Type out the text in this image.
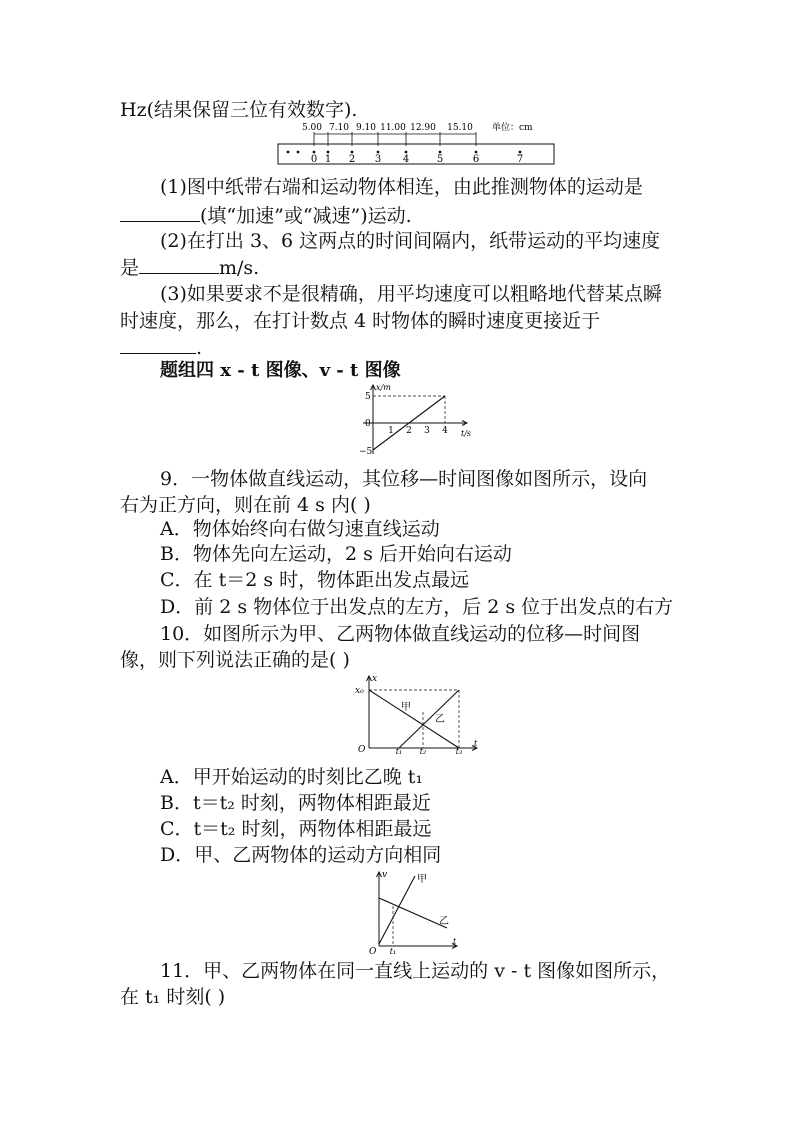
Hz(结果保留三位有效数字).
5.00 7.10 9.10 11.00 12.90 15.10 单位：cm
0 1 2 3 4	5	6	7
(1)图中纸带右端和运动物体相连，由此推测物体的运动是
(填“加速”或“减速”)运动.
(2)在打出 3、6 这两点的时间间隔内，纸带运动的平均速度
是	m/s.
(3)如果要求不是很精确，用平均速度可以粗略地代替某点瞬
时速度，那么，在打计数点 4 时物体的瞬时速度更接近于
.
题组四 x - t 图像、v - t 图像
x/m
t/s
5
0
−5
1 2 3 4
9．一物体做直线运动，其位移—时间图像如图所示，设向
右为正方向，则在前 4 s 内( )
A．物体始终向右做匀速直线运动
B．物体先向左运动，2 s 后开始向右运动
C．在 t＝2 s 时，物体距出发点最远
D．前 2 s 物体位于出发点的左方，后 2 s 位于出发点的右方
10．如图所示为甲、乙两物体做直线运动的位移—时间图
像，则下列说法正确的是( )
x
x₀
O
甲
乙
t₁ t₂	t₃
t
A．甲开始运动的时刻比乙晚 t₁
B．t＝t₂ 时刻，两物体相距最近
C．t＝t₂ 时刻，两物体相距最远
D．甲、乙两物体的运动方向相同
v
t
O
甲
乙
t₁
11．甲、乙两物体在同一直线上运动的 v - t 图像如图所示，
在 t₁ 时刻( )
